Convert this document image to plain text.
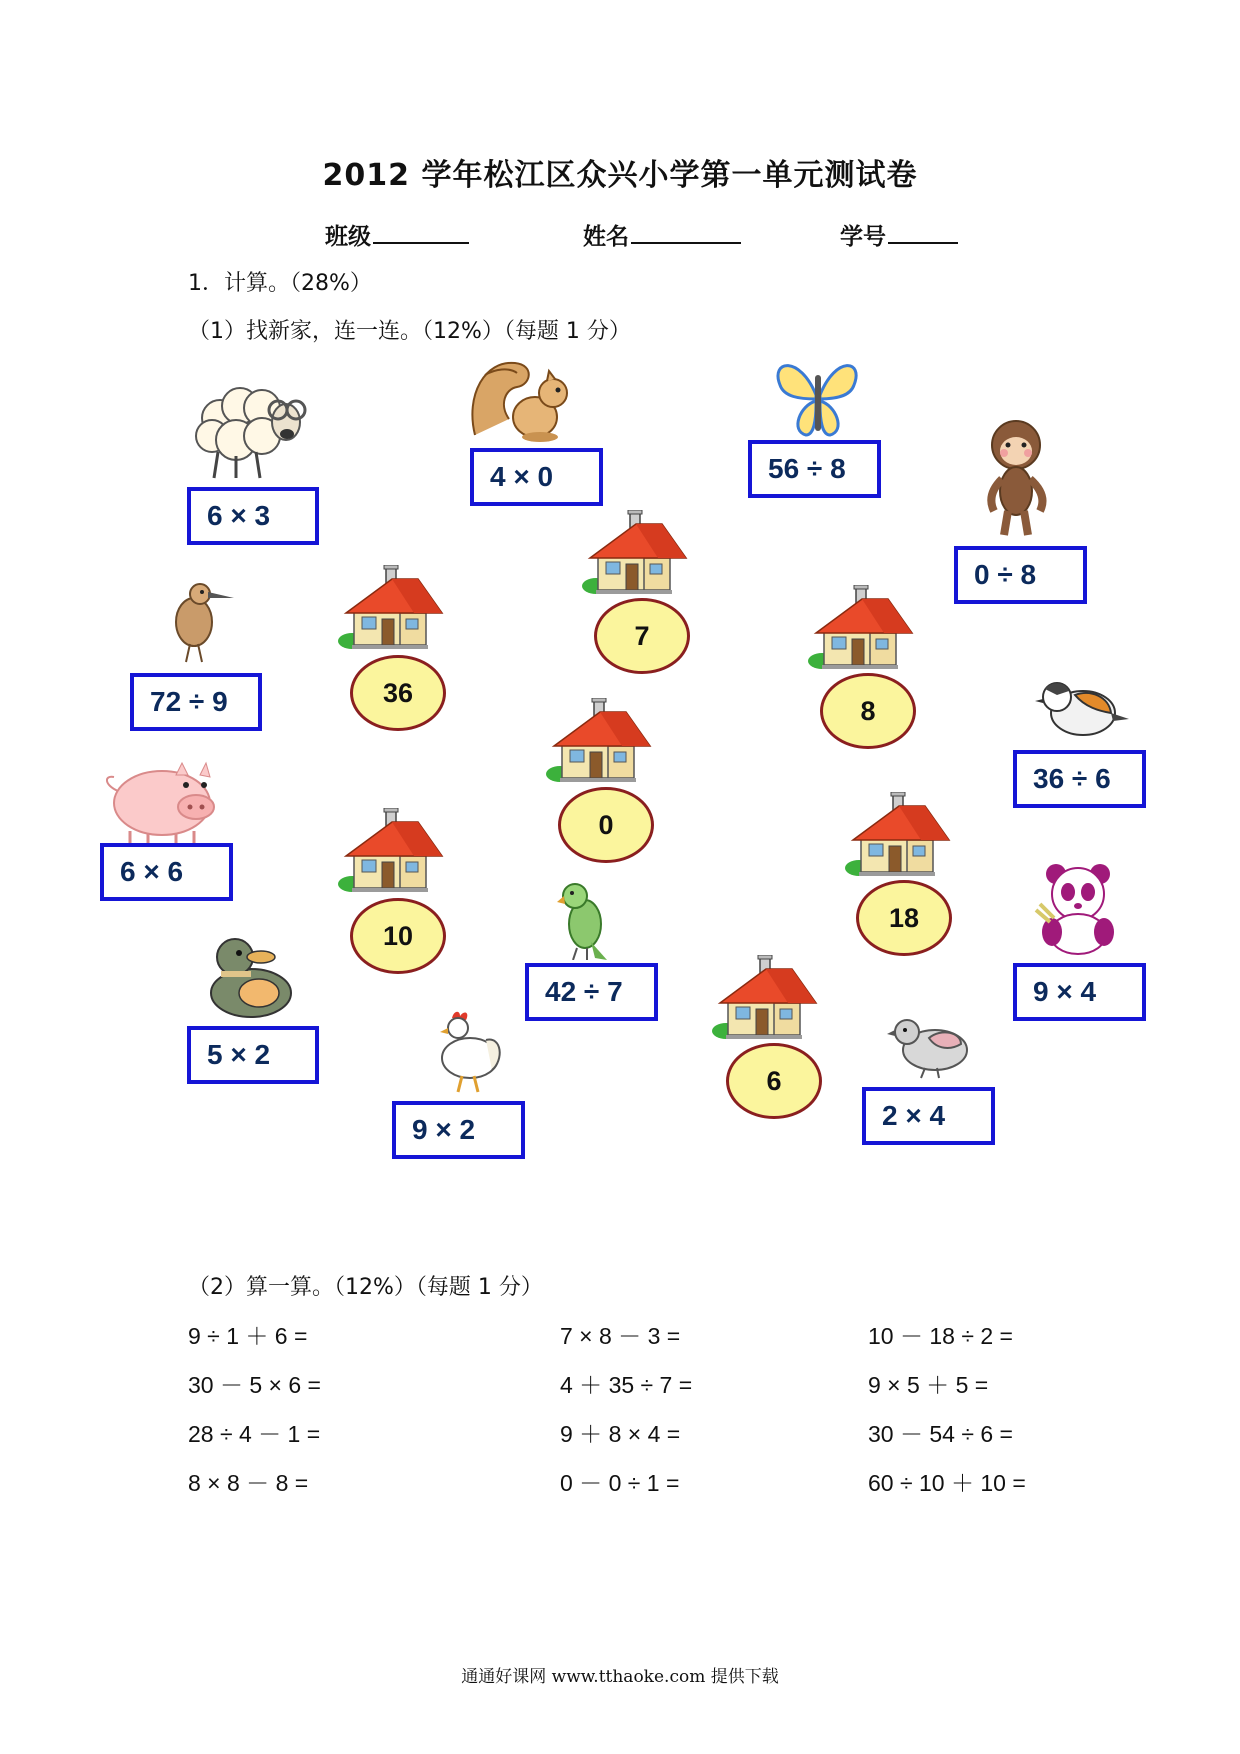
2012 学年松江区众兴小学第一单元测试卷
班级	姓名	学号
1．计算。（28%）
（1）找新家，连一连。（12%）（每题 1 分）
6 × 3
4 × 0	56 ÷ 8
0 ÷ 8
72 ÷ 9
36 ÷ 6
6 × 6
42 ÷ 7	9 × 4
5 × 2
9 × 2	2 × 4
36
7
8
0
10
18
6
（2）算一算。（12%）（每题 1 分）
9 ÷ 1 ＋ 6 =	7 × 8 － 3 =	10 － 18 ÷ 2 =
30 － 5 × 6 =	4 ＋ 35 ÷ 7 =	9 × 5 ＋ 5 =
28 ÷ 4 － 1 =	9 ＋ 8 × 4 =	30 － 54 ÷ 6 =
8 × 8 － 8 =	0 － 0 ÷ 1 =	60 ÷ 10 ＋ 10 =
通通好课网 www.tthaoke.com 提供下载
